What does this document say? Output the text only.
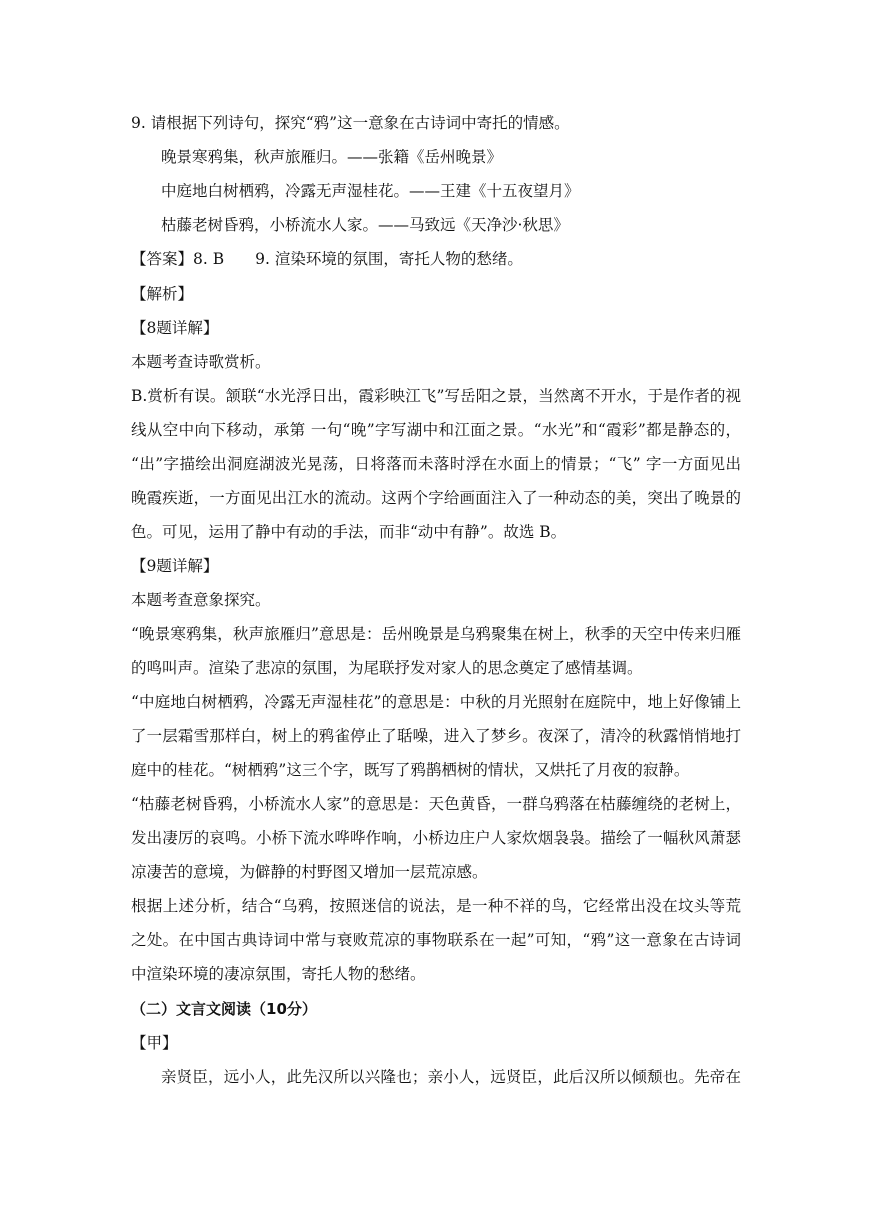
9. 请根据下列诗句，探究“鸦”这一意象在古诗词中寄托的情感。
晚景寒鸦集，秋声旅雁归。——张籍《岳州晚景》
中庭地白树栖鸦，冷露无声湿桂花。——王建《十五夜望月》
枯藤老树昏鸦，小桥流水人家。——马致远《天净沙·秋思》
【答案】8. B　　9. 渲染环境的氛围，寄托人物的愁绪。
【解析】
【8题详解】
本题考查诗歌赏析。
B.赏析有误。颔联“水光浮日出，霞彩映江飞”写岳阳之景，当然离不开水，于是作者的视
线从空中向下移动，承第 一句“晚”字写湖中和江面之景。“水光”和“霞彩”都是静态的，
“出”字描绘出洞庭湖波光晃荡，日将落而未落时浮在水面上的情景；“飞” 字一方面见出
晚霞疾逝，一方面见出江水的流动。这两个字给画面注入了一种动态的美，突出了晚景的
色。可见，运用了静中有动的手法，而非“动中有静”。故选 B。
【9题详解】
本题考查意象探究。
“晚景寒鸦集，秋声旅雁归”意思是：岳州晚景是乌鸦聚集在树上，秋季的天空中传来归雁
的鸣叫声。渲染了悲凉的氛围，为尾联抒发对家人的思念奠定了感情基调。
“中庭地白树栖鸦，冷露无声湿桂花”的意思是：中秋的月光照射在庭院中，地上好像铺上
了一层霜雪那样白，树上的鸦雀停止了聒噪，进入了梦乡。夜深了，清冷的秋露悄悄地打
庭中的桂花。“树栖鸦”这三个字，既写了鸦鹊栖树的情状，又烘托了月夜的寂静。
“枯藤老树昏鸦，小桥流水人家”的意思是：天色黄昏，一群乌鸦落在枯藤缠绕的老树上，
发出凄厉的哀鸣。小桥下流水哗哗作响，小桥边庄户人家炊烟袅袅。描绘了一幅秋风萧瑟
凉凄苦的意境，为僻静的村野图又增加一层荒凉感。
根据上述分析，结合“乌鸦，按照迷信的说法，是一种不祥的鸟，它经常出没在坟头等荒
之处。在中国古典诗词中常与衰败荒凉的事物联系在一起”可知，“鸦”这一意象在古诗词
中渲染环境的凄凉氛围，寄托人物的愁绪。
（二）文言文阅读（10分）
【甲】
亲贤臣，远小人，此先汉所以兴隆也；亲小人，远贤臣，此后汉所以倾颓也。先帝在
